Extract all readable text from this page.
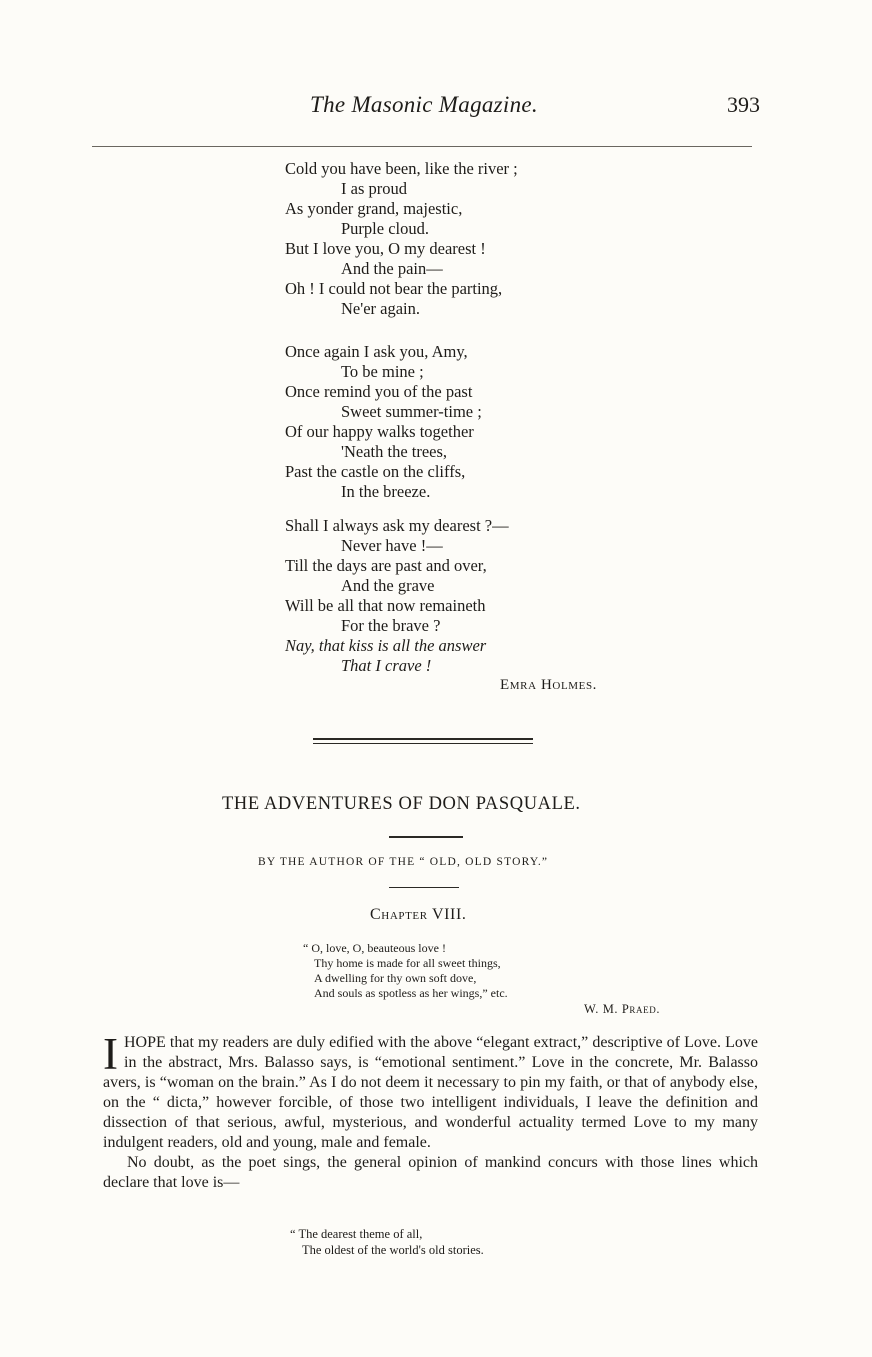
The Masonic Magazine.	393
Cold you have been, like the river ;
I as proud
As yonder grand, majestic,
Purple cloud.
But I love you, O my dearest !
And the pain—
Oh ! I could not bear the parting,
Ne'er again.
Once again I ask you, Amy,
To be mine ;
Once remind you of the past
Sweet summer-time ;
Of our happy walks together
'Neath the trees,
Past the castle on the cliffs,
In the breeze.
Shall I always ask my dearest ?—
Never have !—
Till the days are past and over,
And the grave
Will be all that now remaineth
For the brave ?
Nay, that kiss is all the answer
That I crave !
Emra Holmes.
THE ADVENTURES OF DON PASQUALE.
BY THE AUTHOR OF THE “ OLD, OLD STORY.”
Chapter VIII.
“ O, love, O, beauteous love !
Thy home is made for all sweet things,
A dwelling for thy own soft dove,
And souls as spotless as her wings,” etc.
W. M. Praed.

IHOPE that my readers are duly edified with the above “elegant extract,” descriptive of Love. Love in the abstract, Mrs. Balasso says, is “emotional sentiment.” Love in the concrete, Mr. Balasso avers, is “woman on the brain.” As I do not deem it necessary to pin my faith, or that of anybody else, on the “ dicta,” however forcible, of those two intelligent individuals, I leave the definition and dissection of that serious, awful, mysterious, and wonderful actuality termed Love to my many indulgent readers, old and young, male and female.

No doubt, as the poet sings, the general opinion of mankind concurs with those lines which declare that love is—

“ The dearest theme of all,
The oldest of the world's old stories.
